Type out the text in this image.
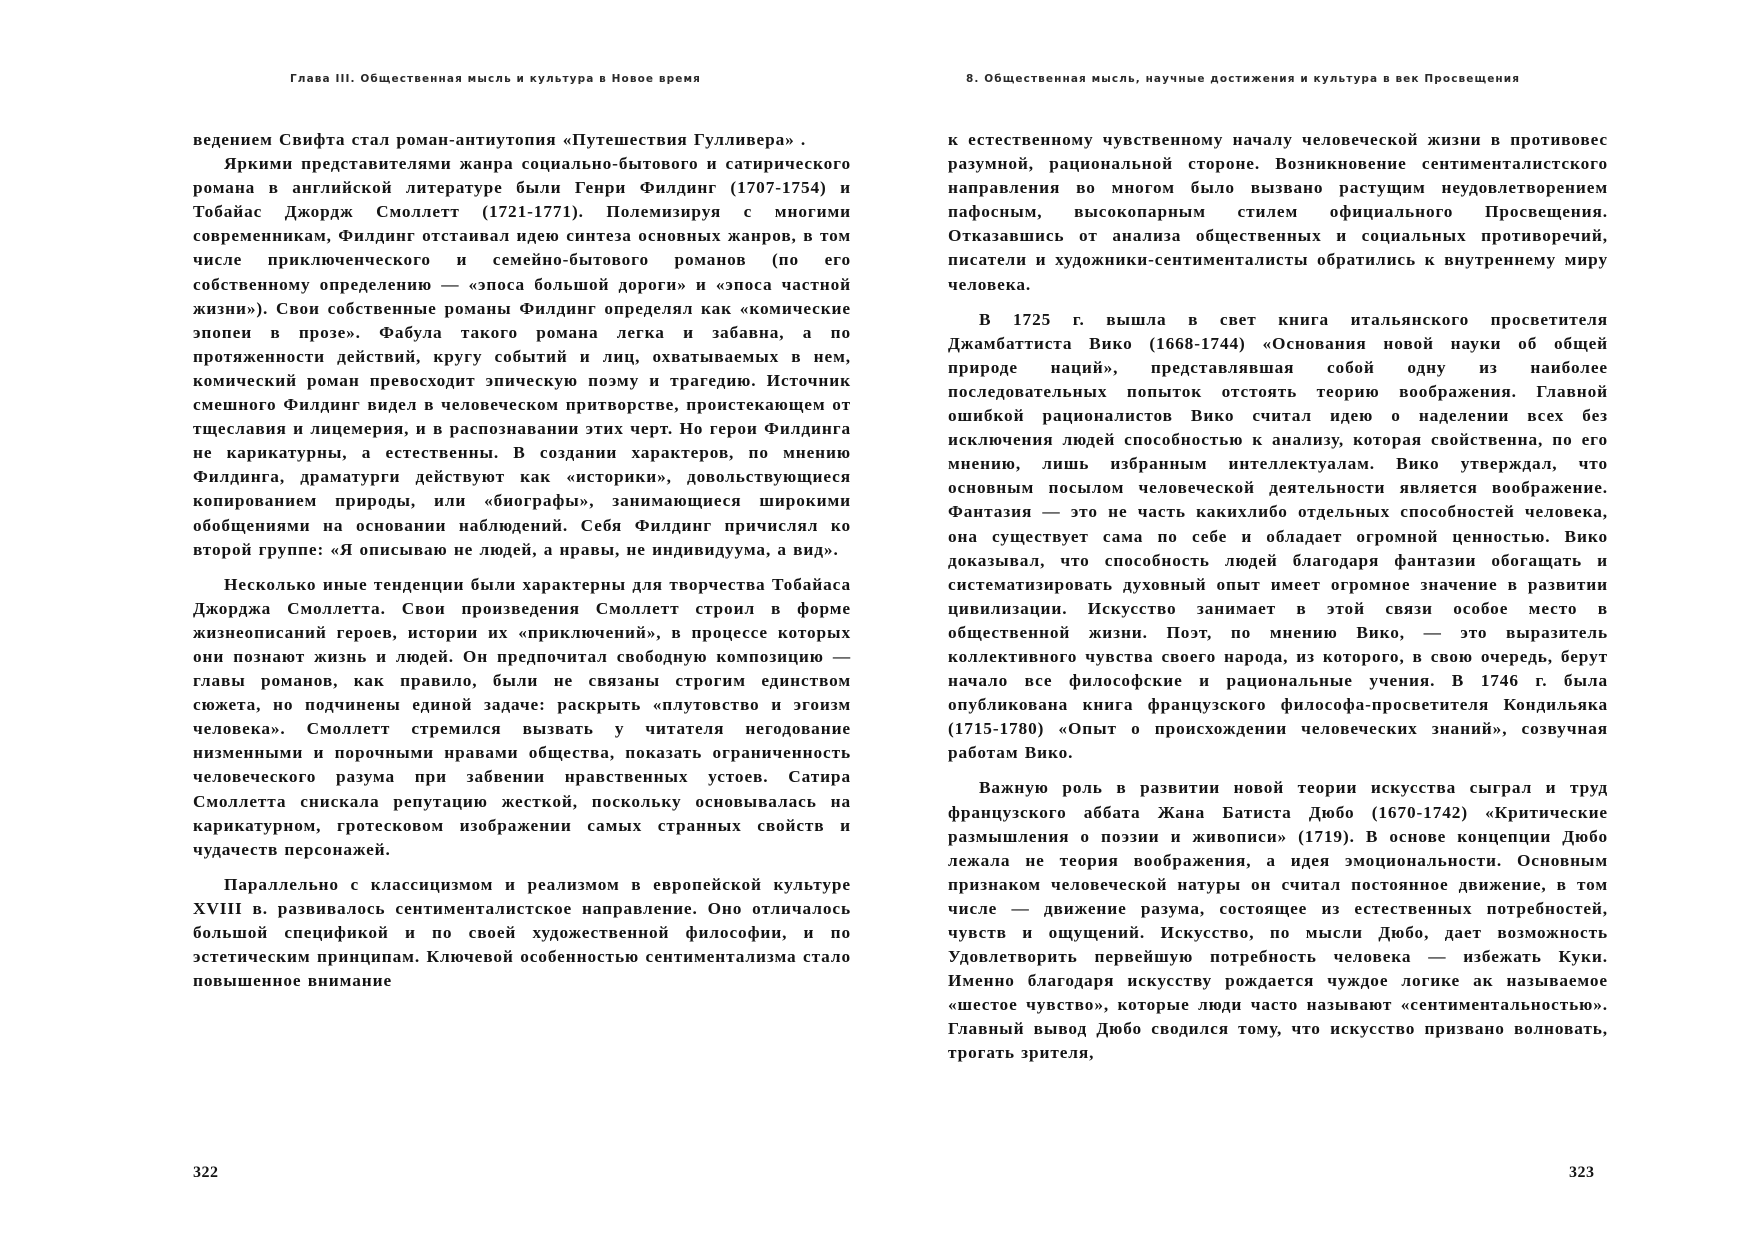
Глава III. Общественная мысль и культура в Новое время

ведением Свифта стал роман-антиутопия «Путешествия Гулливера» .

Яркими представителями жанра социально-бытового и сатирического романа в английской литературе были Генри Филдинг (1707-1754) и Тобайас Джордж Смоллетт (1721-1771). Полемизируя с многими современникам, Филдинг отстаивал идею синтеза основных жанров, в том числе приключенческого и семейно-бытового романов (по его собственному определению — «эпоса большой дороги» и «эпоса частной жизни»). Свои собственные романы Филдинг определял как «комические эпопеи в прозе». Фабула такого романа легка и забавна, а по протяженности действий, кругу событий и лиц, охватываемых в нем, комический роман превосходит эпическую поэму и трагедию. Источник смешного Филдинг видел в человеческом притворстве, проистекающем от тщеславия и лицемерия, и в распознавании этих черт. Но герои Филдинга не карикатурны, а естественны. В создании характеров, по мнению Филдинга, драматурги действуют как «историки», довольствующиеся копированием природы, или «биографы», занимающиеся широкими обобщениями на основании наблюдений. Себя Филдинг причислял ко второй группе: «Я описываю не людей, а нравы, не индивидуума, а вид».

Несколько иные тенденции были характерны для творчества Тобайаса Джорджа Смоллетта. Свои произведения Смоллетт строил в форме жизнеописаний героев, истории их «приключений», в процессе которых они познают жизнь и людей. Он предпочитал свободную композицию — главы романов, как правило, были не связаны строгим единством сюжета, но подчинены единой задаче: раскрыть «плутовство и эгоизм человека». Смоллетт стремился вызвать у читателя негодование низменными и порочными нравами общества, показать ограниченность человеческого разума при забвении нравственных устоев. Сатира Смоллетта снискала репутацию жесткой, поскольку основывалась на карикатурном, гротесковом изображении самых странных свойств и чудачеств персонажей.

Параллельно с классицизмом и реализмом в европейской культуре XVIII в. развивалось сентименталистское направление. Оно отличалось большой спецификой и по своей художественной философии, и по эстетическим принципам. Ключевой особенностью сентиментализма стало повышенное внимание

322
8. Общественная мысль, научные достижения и культура в век Просвещения

к естественному чувственному началу человеческой жизни в противовес разумной, рациональной стороне. Возникновение сентименталистского направления во многом было вызвано растущим неудовлетворением пафосным, высокопарным стилем официального Просвещения. Отказавшись от анализа общественных и социальных противоречий, писатели и художники-сентименталисты обратились к внутреннему миру человека.

В 1725 г. вышла в свет книга итальянского просветителя Джамбаттиста Вико (1668-1744) «Основания новой науки об общей природе наций», представлявшая собой одну из наиболее последовательных попыток отстоять теорию воображения. Главной ошибкой рационалистов Вико считал идею о наделении всех без исключения людей способностью к анализу, которая свойственна, по его мнению, лишь избранным интеллектуалам. Вико утверждал, что основным посылом человеческой деятельности является воображение. Фантазия — это не часть какихлибо отдельных способностей человека, она существует сама по себе и обладает огромной ценностью. Вико доказывал, что способность людей благодаря фантазии обогащать и систематизировать духовный опыт имеет огромное значение в развитии цивилизации. Искусство занимает в этой связи особое место в общественной жизни. Поэт, по мнению Вико, — это выразитель коллективного чувства своего народа, из которого, в свою очередь, берут начало все философские и рациональные учения. В 1746 г. была опубликована книга французского философа-просветителя Кондильяка (1715-1780) «Опыт о происхождении человеческих знаний», созвучная работам Вико.

Важную роль в развитии новой теории искусства сыграл и труд французского аббата Жана Батиста Дюбо (1670-1742) «Критические размышления о поэзии и живописи» (1719). В основе концепции Дюбо лежала не теория воображения, а идея эмоциональности. Основным признаком человеческой натуры он считал постоянное движение, в том числе — движение разума, состоящее из естественных потребностей, чувств и ощущений. Искусство, по мысли Дюбо, дает возможность Удовлетворить первейшую потребность человека — избежать Куки. Именно благодаря искусству рождается чуждое логике ак называемое «шестое чувство», которые люди часто называют «сентиментальностью». Главный вывод Дюбо сводился тому, что искусство призвано волновать, трогать зрителя,

323
